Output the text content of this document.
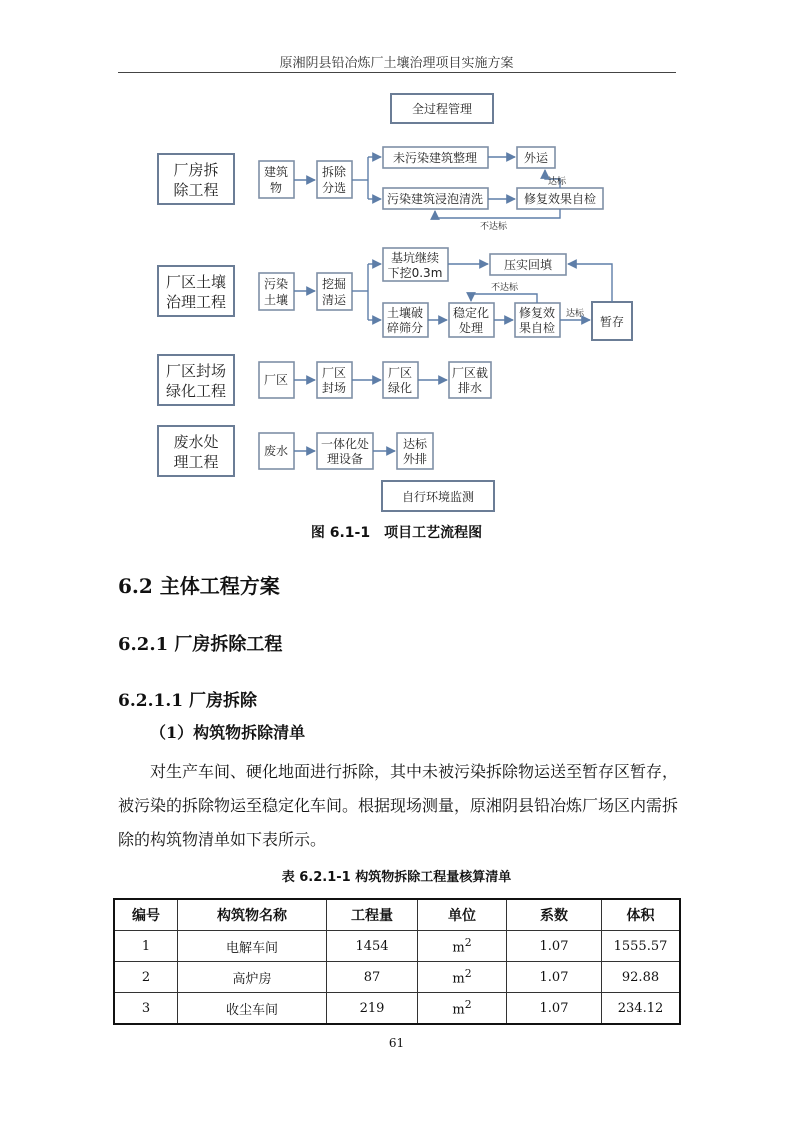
原湘阴县铅冶炼厂土壤治理项目实施方案
全过程管理
厂房拆
除工程
建筑
物
拆除
分选
未污染建筑整理
污染建筑浸泡清洗
外运
修复效果自检
达标
不达标
厂区土壤
治理工程
污染
土壤
挖掘
清运
基坑继续
下挖0.3m
压实回填
土壤破
碎筛分
稳定化
处理
修复效
果自检	暂存
不达标
达标
厂区封场
绿化工程
厂区	厂区
封场
厂区
绿化
厂区截
排水
废水处
理工程
废水	一体化处
理设备
达标
外排
自行环境监测
图 6.1-1　项目工艺流程图
6.2 主体工程方案
6.2.1 厂房拆除工程
6.2.1.1 厂房拆除
（1）构筑物拆除清单
对生产车间、硬化地面进行拆除，其中未被污染拆除物运送至暂存区暂存，被污染的拆除物运至稳定化车间。根据现场测量，原湘阴县铅冶炼厂场区内需拆除的构筑物清单如下表所示。
表 6.2.1-1 构筑物拆除工程量核算清单
编号	构筑物名称	工程量	单位	系数	体积
1	电解车间	1454	$m^2$	1.07	1555.57
2	高炉房	87	$m^2$	1.07	92.88
3	收尘车间	219	$m^2$	1.07	234.12
61
